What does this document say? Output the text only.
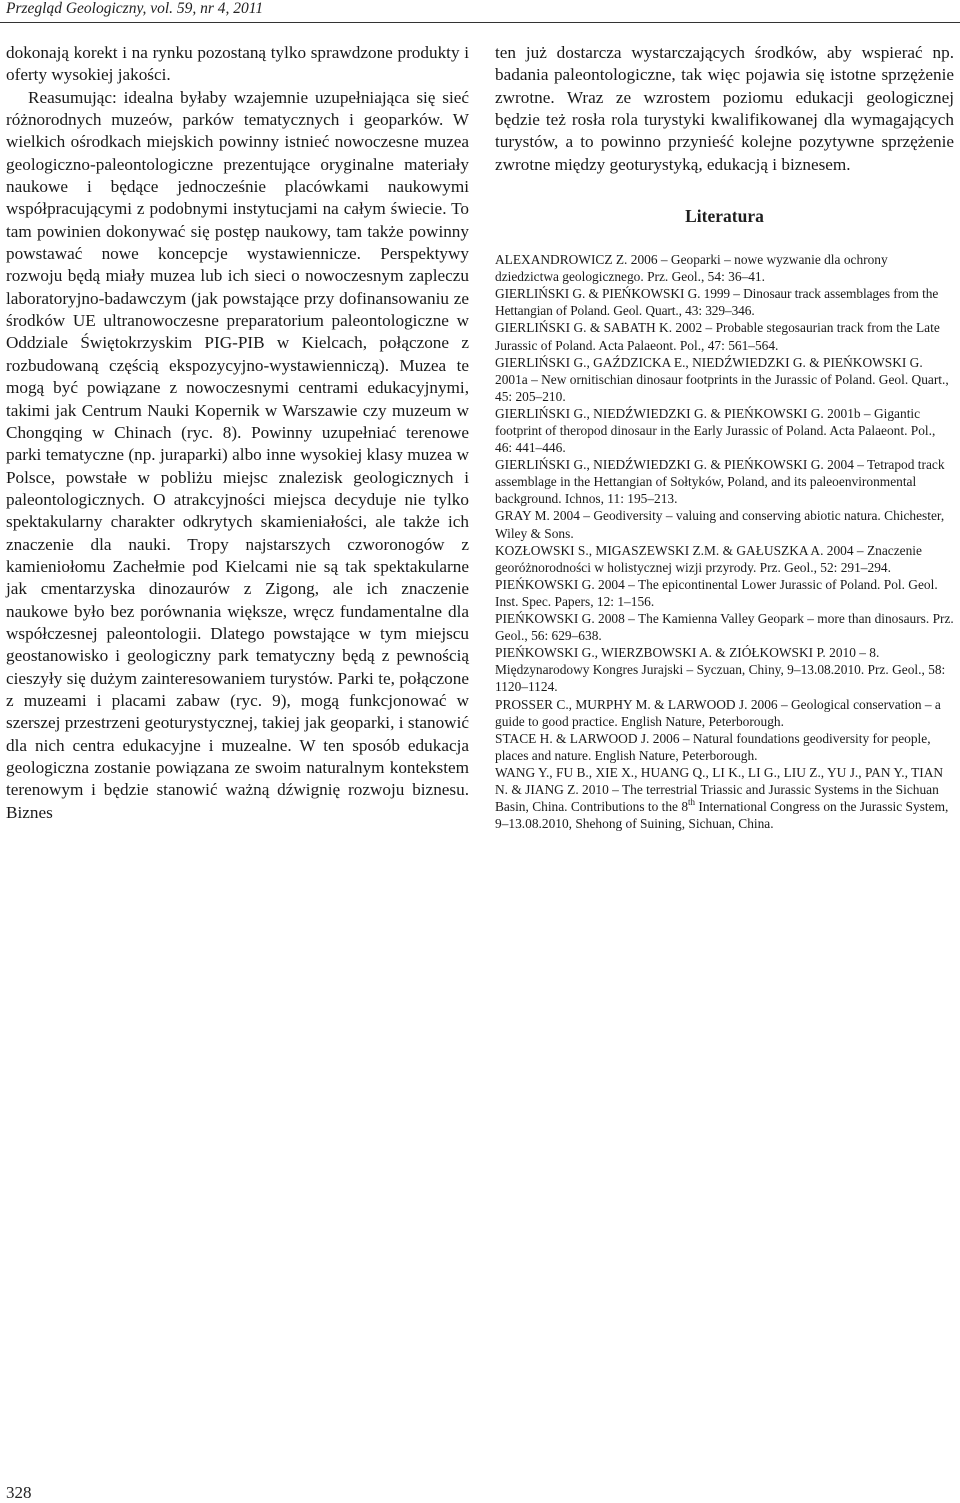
Przegląd Geologiczny, vol. 59, nr 4, 2011

dokonają korekt i na rynku pozostaną tylko sprawdzone produkty i oferty wysokiej jakości.

Reasumując: idealna byłaby wzajemnie uzupełniająca się sieć różnorodnych muzeów, parków tematycznych i geoparków. W wielkich ośrodkach miejskich powinny istnieć nowoczesne muzea geologiczno-paleontologiczne prezentujące oryginalne materiały naukowe i będące jednocześnie placówkami naukowymi współpracującymi z podobnymi instytucjami na całym świecie. To tam powinien dokonywać się postęp naukowy, tam także powinny powstawać nowe koncepcje wystawiennicze. Perspektywy rozwoju będą miały muzea lub ich sieci o nowoczesnym zapleczu laboratoryjno-badawczym (jak powstające przy dofinansowaniu ze środków UE ultranowoczesne preparatorium paleontologiczne w Oddziale Świętokrzyskim PIG-PIB w Kielcach, połączone z rozbudowaną częścią ekspozycyjno-wystawienniczą). Muzea te mogą być powiązane z nowoczesnymi centrami edukacyjnymi, takimi jak Centrum Nauki Kopernik w Warszawie czy muzeum w Chongqing w Chinach (ryc. 8). Powinny uzupełniać terenowe parki tematyczne (np. juraparki) albo inne wysokiej klasy muzea w Polsce, powstałe w pobliżu miejsc znalezisk geologicznych i paleontologicznych. O atrakcyjności miejsca decyduje nie tylko spektakularny charakter odkrytych skamieniałości, ale także ich znaczenie dla nauki. Tropy najstarszych czworonogów z kamieniołomu Zachełmie pod Kielcami nie są tak spektakularne jak cmentarzyska dinozaurów z Zigong, ale ich znaczenie naukowe było bez porównania większe, wręcz fundamentalne dla współczesnej paleontologii. Dlatego powstające w tym miejscu geostanowisko i geologiczny park tematyczny będą z pewnością cieszyły się dużym zainteresowaniem turystów. Parki te, połączone z muzeami i placami zabaw (ryc. 9), mogą funkcjonować w szerszej przestrzeni geoturystycznej, takiej jak geoparki, i stanowić dla nich centra edukacyjne i muzealne. W ten sposób edukacja geologiczna zostanie powiązana ze swoim naturalnym kontekstem terenowym i będzie stanowić ważną dźwignię rozwoju biznesu. Biznes

ten już dostarcza wystarczających środków, aby wspierać np. badania paleontologiczne, tak więc pojawia się istotne sprzężenie zwrotne. Wraz ze wzrostem poziomu edukacji geologicznej będzie też rosła rola turystyki kwalifikowanej dla wymagających turystów, a to powinno przynieść kolejne pozytywne sprzężenie zwrotne między geoturystyką, edukacją i biznesem.

Literatura

ALEXANDROWICZ Z. 2006 – Geoparki – nowe wyzwanie dla ochrony dziedzictwa geologicznego. Prz. Geol., 54: 36–41.

GIERLIŃSKI G. & PIEŃKOWSKI G. 1999 – Dinosaur track assemblages from the Hettangian of Poland. Geol. Quart., 43: 329–346.

GIERLIŃSKI G. & SABATH K. 2002 – Probable stegosaurian track from the Late Jurassic of Poland. Acta Palaeont. Pol., 47: 561–564.

GIERLIŃSKI G., GAŹDZICKA E., NIEDŹWIEDZKI G. & PIEŃKOWSKI G. 2001a – New ornitischian dinosaur footprints in the Jurassic of Poland. Geol. Quart., 45: 205–210.

GIERLIŃSKI G., NIEDŹWIEDZKI G. & PIEŃKOWSKI G. 2001b – Gigantic footprint of theropod dinosaur in the Early Jurassic of Poland. Acta Palaeont. Pol., 46: 441–446.

GIERLIŃSKI G., NIEDŹWIEDZKI G. & PIEŃKOWSKI G. 2004 – Tetrapod track assemblage in the Hettangian of Sołtyków, Poland, and its paleoenvironmental background. Ichnos, 11: 195–213.

GRAY M. 2004 – Geodiversity – valuing and conserving abiotic natura. Chichester, Wiley & Sons.

KOZŁOWSKI S., MIGASZEWSKI Z.M. & GAŁUSZKA A. 2004 – Znaczenie georóżnorodności w holistycznej wizji przyrody. Prz. Geol., 52: 291–294.

PIEŃKOWSKI G. 2004 – The epicontinental Lower Jurassic of Poland. Pol. Geol. Inst. Spec. Papers, 12: 1–156.

PIEŃKOWSKI G. 2008 – The Kamienna Valley Geopark – more than dinosaurs. Prz. Geol., 56: 629–638.

PIEŃKOWSKI G., WIERZBOWSKI A. & ZIÓŁKOWSKI P. 2010 – 8. Międzynarodowy Kongres Jurajski – Syczuan, Chiny, 9–13.08.2010. Prz. Geol., 58: 1120–1124.

PROSSER C., MURPHY M. & LARWOOD J. 2006 – Geological conservation – a guide to good practice. English Nature, Peterborough.

STACE H. & LARWOOD J. 2006 – Natural foundations geodiversity for people, places and nature. English Nature, Peterborough.

WANG Y., FU B., XIE X., HUANG Q., LI K., LI G., LIU Z., YU J., PAN Y., TIAN N. & JIANG Z. 2010 – The terrestrial Triassic and Jurassic Systems in the Sichuan Basin, China. Contributions to the 8th International Congress on the Jurassic System, 9–13.08.2010, Shehong of Suining, Sichuan, China.

328
